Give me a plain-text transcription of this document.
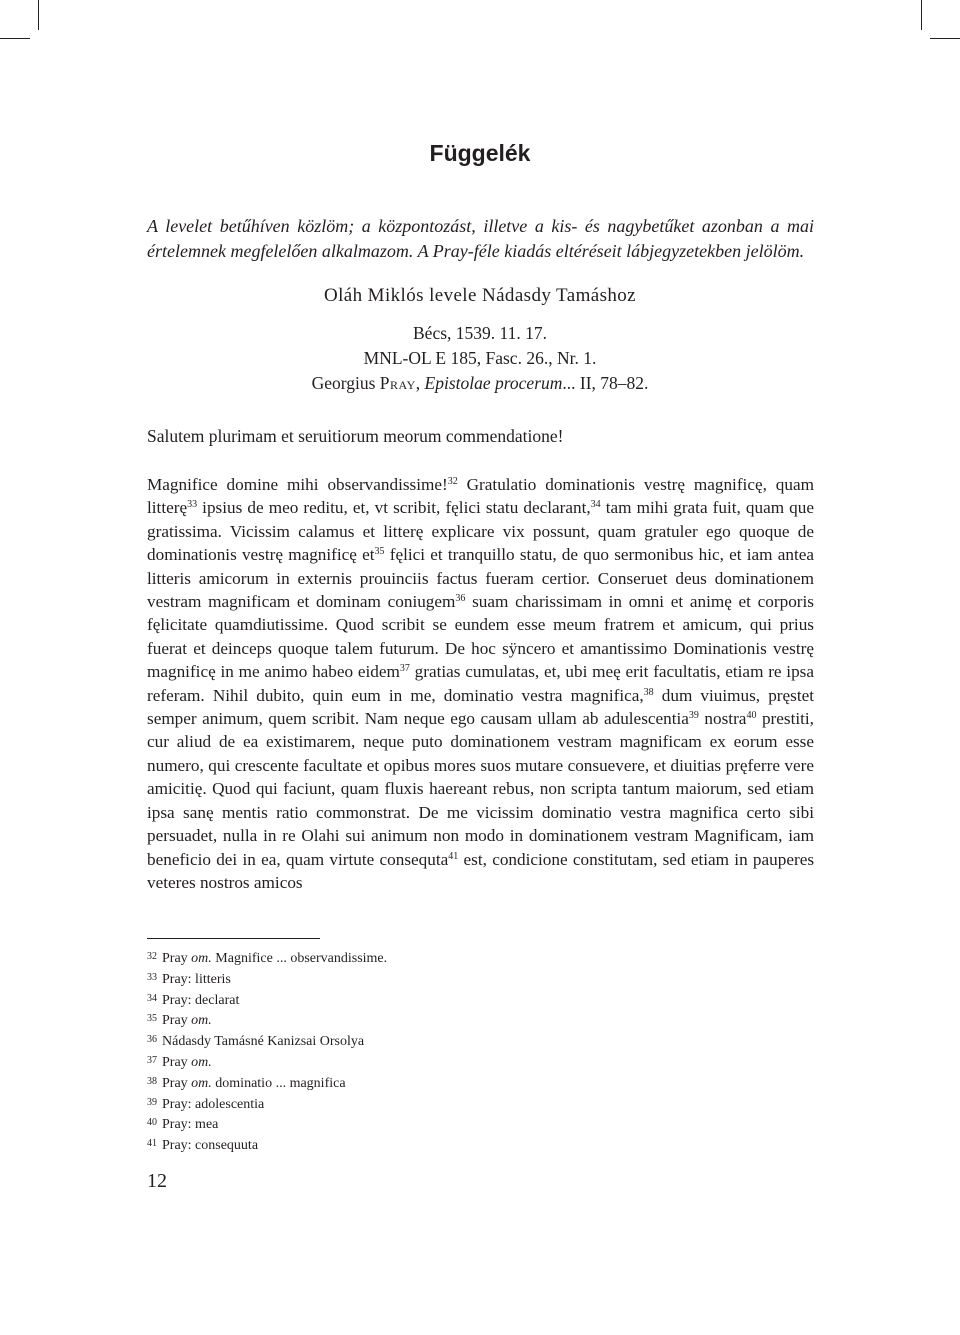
Függelék
A levelet betűhíven közlöm; a központozást, illetve a kis- és nagybetűket azonban a mai értelemnek megfelelően alkalmazom. A Pray-féle kiadás eltéréseit lábjegyzetekben jelölöm.
Oláh Miklós levele Nádasdy Tamáshoz
Bécs, 1539. 11. 17.
MNL-OL E 185, Fasc. 26., Nr. 1.
Georgius Pray, Epistolae procerum... II, 78–82.
Salutem plurimam et seruitiorum meorum commendatione!
Magnifice domine mihi observandissime!$^{32}$ Gratulatio dominationis vestrę magnificę, quam litterę$^{33}$ ipsius de meo reditu, et, vt scribit, fęlici statu declarant,$^{34}$ tam mihi grata fuit, quam que gratissima. Vicissim calamus et litterę explicare vix possunt, quam gratuler ego quoque de dominationis vestrę magnificę $et^{35}$ fęlici et tranquillo statu, de quo sermonibus hic, et iam antea litteris amicorum in externis prouinciis factus fueram certior. Conseruet deus dominationem vestram magnificam et dominam coniugem$^{36}$ suam charissimam in omni et animę et corporis fęlicitate quamdiutissime. Quod scribit se eundem esse meum fratrem et amicum, qui prius fuerat et deinceps quoque talem futurum. De hoc sÿncero et amantissimo Dominationis vestrę magnificę in me animo habeo eidem$^{37}$ gratias cumulatas, et, ubi meę erit facultatis, etiam re ipsa referam. Nihil dubito, quin eum in me, dominatio vestra magnifica,$^{38}$ dum viuimus, pręstet semper animum, quem scribit. Nam neque ego causam ullam ab adulescentia$^{39}$ nostra$^{40}$ prestiti, cur aliud de ea existimarem, neque puto dominationem vestram magnificam ex eorum esse numero, qui crescente facultate et opibus mores suos mutare consuevere, et diuitias pręferre vere amicitię. Quod qui faciunt, quam fluxis haereant rebus, non scripta tantum maiorum, sed etiam ipsa sanę mentis ratio commonstrat. De me vicissim dominatio vestra magnifica certo sibi persuadet, nulla in re Olahi sui animum non modo in dominationem vestram Magnificam, iam beneficio dei in ea, quam virtute consequta$^{41}$ est, condicione constitutam, sed etiam in pauperes veteres nostros amicos
32 Pray om. Magnifice ... observandissime.
33 Pray: litteris
34 Pray: declarat
35 Pray om.
36 Nádasdy Tamásné Kanizsai Orsolya
37 Pray om.
38 Pray om. dominatio ... magnifica
39 Pray: adolescentia
40 Pray: mea
41 Pray: consequuta
12
